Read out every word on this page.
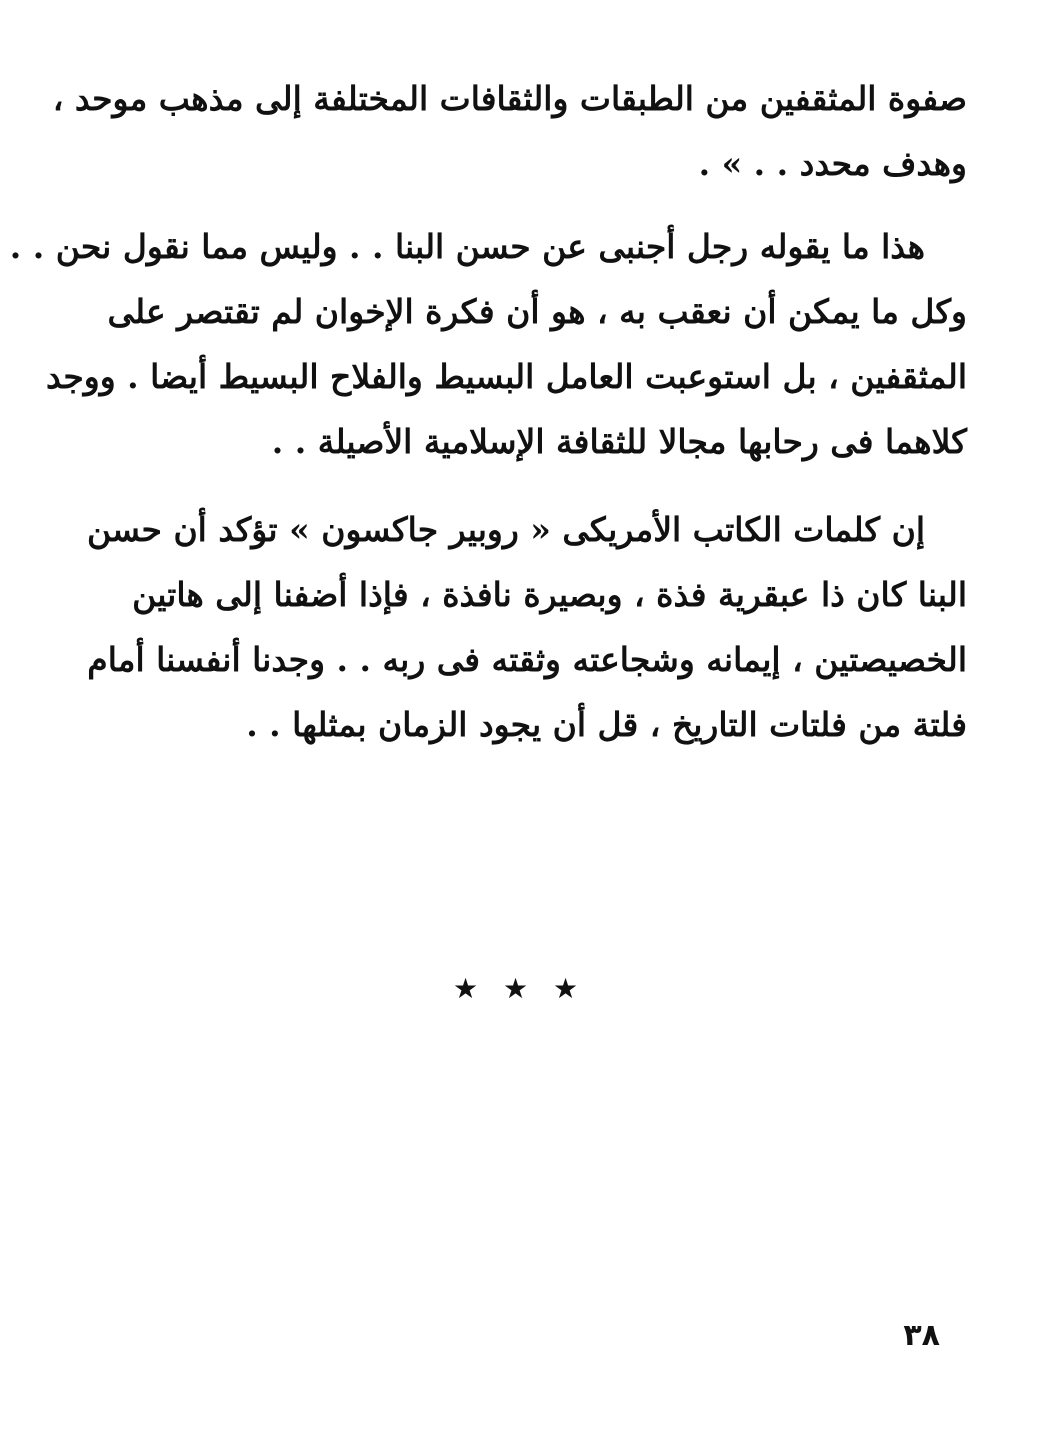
صفوة المثقفين من الطبقات والثقافات المختلفة إلى مذهب موحد ،
وهدف محدد . . » .
هذا ما يقوله رجل أجنبى عن حسن البنا . . وليس مما نقول نحن . .
وكل ما يمكن أن نعقب به ، هو أن فكرة الإخوان لم تقتصر على
المثقفين ، بل استوعبت العامل البسيط والفلاح البسيط أيضا . ووجد
كلاهما فى رحابها مجالا للثقافة الإسلامية الأصيلة . .
إن كلمات الكاتب الأمريكى « روبير جاكسون » تؤكد أن حسن
البنا كان ذا عبقرية فذة ، وبصيرة نافذة ، فإذا أضفنا إلى هاتين
الخصيصتين ، إيمانه وشجاعته وثقته فى ربه . . وجدنا أنفسنا أمام
فلتة من فلتات التاريخ ، قل أن يجود الزمان بمثلها . .
★ ★ ★
٣٨
